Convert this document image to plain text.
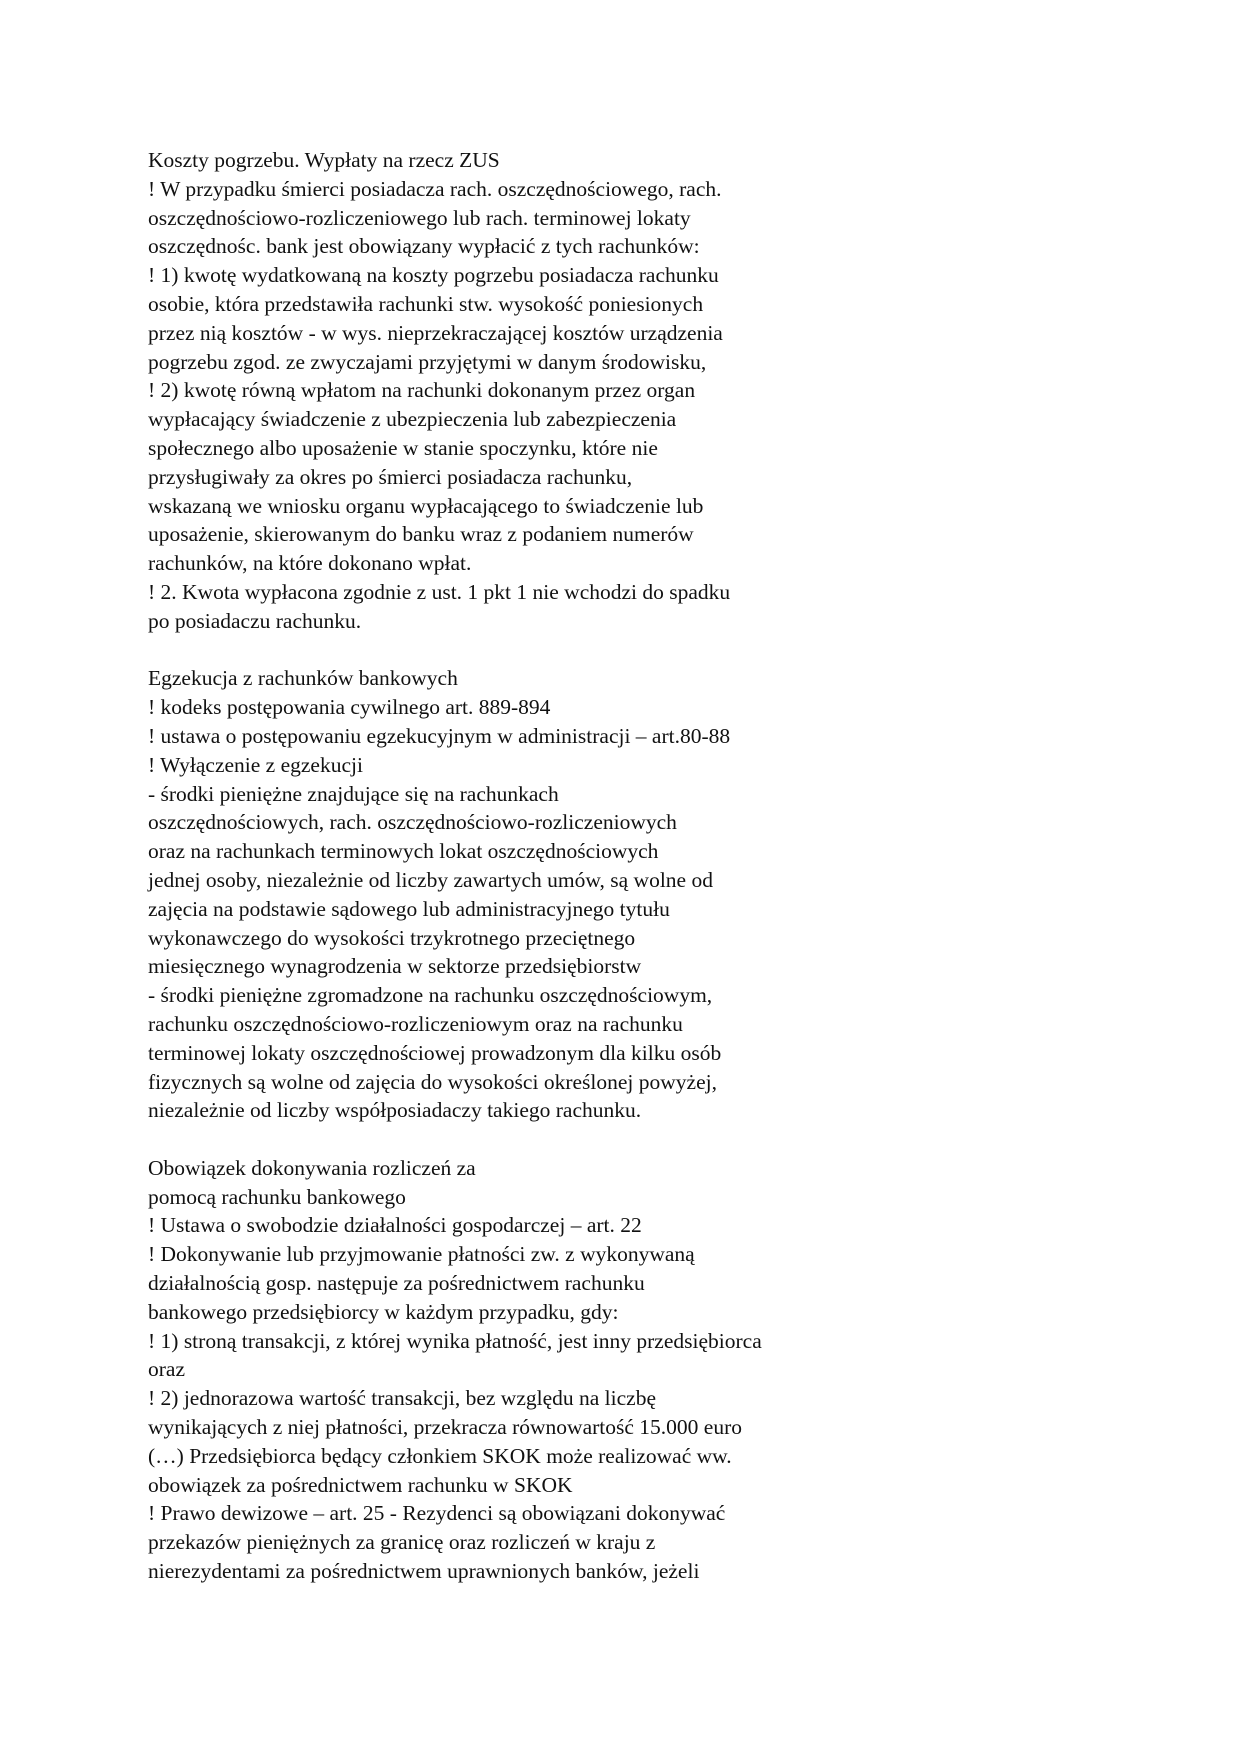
Koszty pogrzebu. Wypłaty na rzecz ZUS
! W przypadku śmierci posiadacza rach. oszczędnościowego, rach.
oszczędnościowo-rozliczeniowego lub rach. terminowej lokaty
oszczędnośc. bank jest obowiązany wypłacić z tych rachunków:
! 1) kwotę wydatkowaną na koszty pogrzebu posiadacza rachunku
osobie, która przedstawiła rachunki stw. wysokość poniesionych
przez nią kosztów - w wys. nieprzekraczającej kosztów urządzenia
pogrzebu zgod. ze zwyczajami przyjętymi w danym środowisku,
! 2) kwotę równą wpłatom na rachunki dokonanym przez organ
wypłacający świadczenie z ubezpieczenia lub zabezpieczenia
społecznego albo uposażenie w stanie spoczynku, które nie
przysługiwały za okres po śmierci posiadacza rachunku,
wskazaną we wniosku organu wypłacającego to świadczenie lub
uposażenie, skierowanym do banku wraz z podaniem numerów
rachunków, na które dokonano wpłat.
! 2. Kwota wypłacona zgodnie z ust. 1 pkt 1 nie wchodzi do spadku
po posiadaczu rachunku.
Egzekucja z rachunków bankowych
! kodeks postępowania cywilnego art. 889-894
! ustawa o postępowaniu egzekucyjnym w administracji – art.80-88
! Wyłączenie z egzekucji
- środki pieniężne znajdujące się na rachunkach
oszczędnościowych, rach. oszczędnościowo-rozliczeniowych
oraz na rachunkach terminowych lokat oszczędnościowych
jednej osoby, niezależnie od liczby zawartych umów, są wolne od
zajęcia na podstawie sądowego lub administracyjnego tytułu
wykonawczego do wysokości trzykrotnego przeciętnego
miesięcznego wynagrodzenia w sektorze przedsiębiorstw
- środki pieniężne zgromadzone na rachunku oszczędnościowym,
rachunku oszczędnościowo-rozliczeniowym oraz na rachunku
terminowej lokaty oszczędnościowej prowadzonym dla kilku osób
fizycznych są wolne od zajęcia do wysokości określonej powyżej,
niezależnie od liczby współposiadaczy takiego rachunku.
Obowiązek dokonywania rozliczeń za
pomocą rachunku bankowego
! Ustawa o swobodzie działalności gospodarczej – art. 22
! Dokonywanie lub przyjmowanie płatności zw. z wykonywaną
działalnością gosp. następuje za pośrednictwem rachunku
bankowego przedsiębiorcy w każdym przypadku, gdy:
! 1) stroną transakcji, z której wynika płatność, jest inny przedsiębiorca
oraz
! 2) jednorazowa wartość transakcji, bez względu na liczbę
wynikających z niej płatności, przekracza równowartość 15.000 euro
(…) Przedsiębiorca będący członkiem SKOK może realizować ww.
obowiązek za pośrednictwem rachunku w SKOK
! Prawo dewizowe – art. 25 - Rezydenci są obowiązani dokonywać
przekazów pieniężnych za granicę oraz rozliczeń w kraju z
nierezydentami za pośrednictwem uprawnionych banków, jeżeli
